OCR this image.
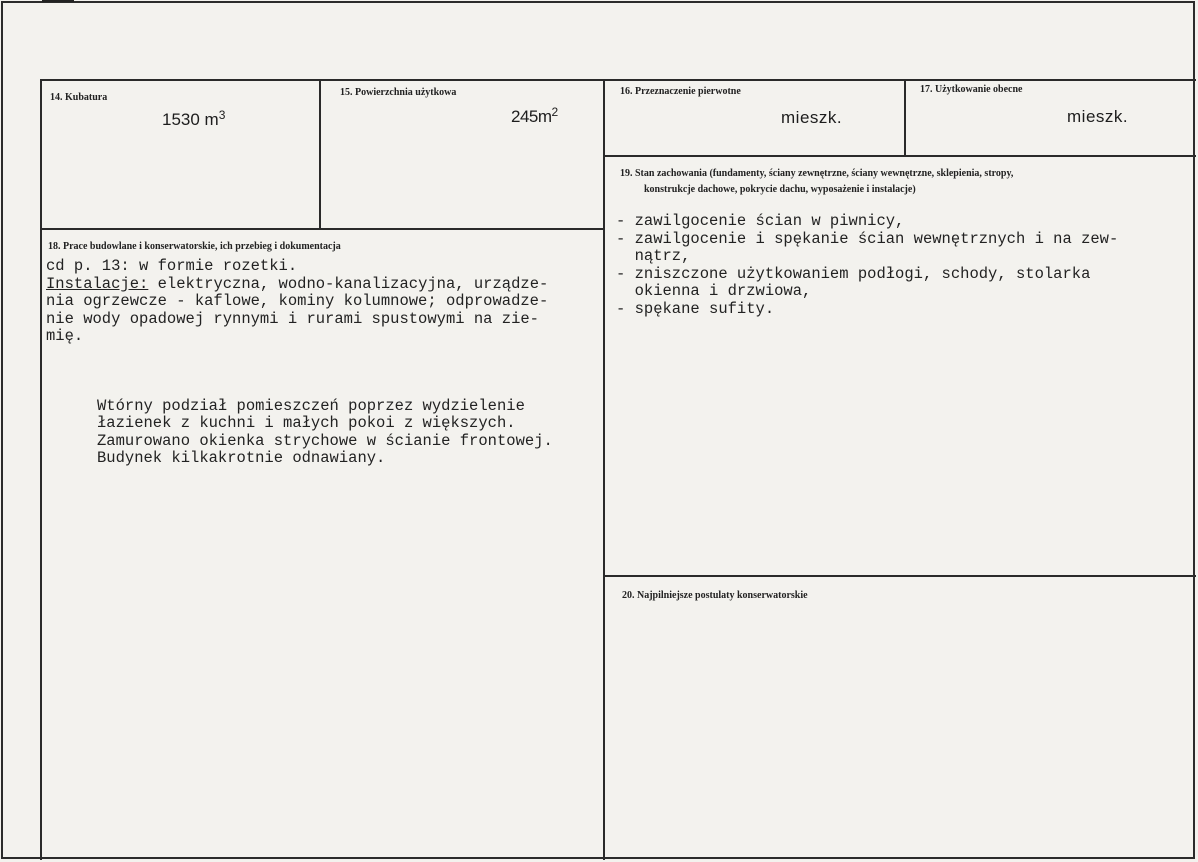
14. Kubatura
1530 $m^3$
15. Powierzchnia użytkowa
$245m^2$
16. Przeznaczenie pierwotne
mieszk.
17. Użytkowanie obecne
mieszk.
19. Stan zachowania (fundamenty, ściany zewnętrzne, ściany wewnętrzne, sklepienia, stropy,
konstrukcje dachowe, pokrycie dachu, wyposażenie i instalacje)
- zawilgocenie ścian w piwnicy,
- zawilgocenie i spękanie ścian wewnętrznych i na zew-
nątrz,
- zniszczone użytkowaniem podłogi, schody, stolarka
okienna i drzwiowa,
- spękane sufity.
18. Prace budowlane i konserwatorskie, ich przebieg i dokumentacja
cd p. 13: w formie rozetki.
Instalacje: elektryczna, wodno-kanalizacyjna, urządze-
nia ogrzewcze - kaflowe, kominy kolumnowe; odprowadze-
nie wody opadowej rynnymi i rurami spustowymi na zie-
mię.
Wtórny podział pomieszczeń poprzez wydzielenie
łazienek z kuchni i małych pokoi z większych.
Zamurowano okienka strychowe w ścianie frontowej.
Budynek kilkakrotnie odnawiany.
20. Najpilniejsze postulaty konserwatorskie
